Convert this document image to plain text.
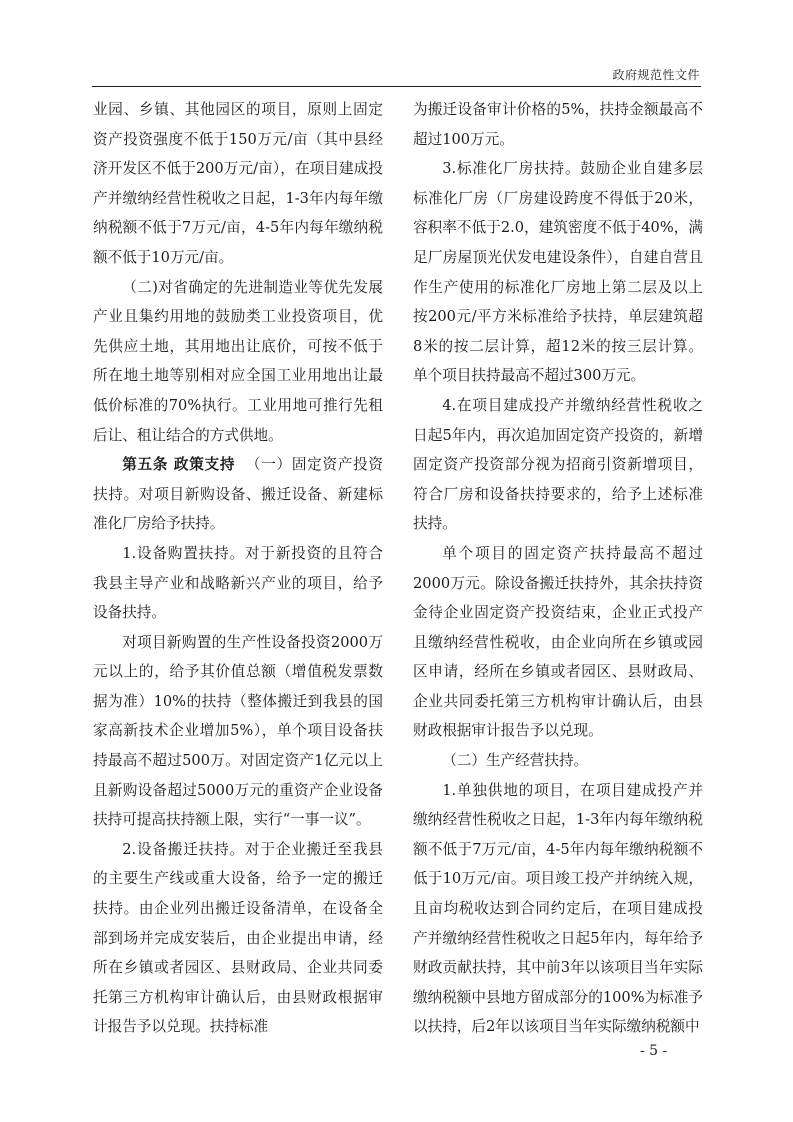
政府规范性文件

业园、乡镇、其他园区的项目，原则上固定资产投资强度不低于150万元/亩（其中县经济开发区不低于200万元/亩），在项目建成投产并缴纳经营性税收之日起，1-3年内每年缴纳税额不低于7万元/亩，4-5年内每年缴纳税额不低于10万元/亩。

（二)对省确定的先进制造业等优先发展产业且集约用地的鼓励类工业投资项目，优先供应土地，其用地出让底价，可按不低于所在地土地等别相对应全国工业用地出让最低价标准的70%执行。工业用地可推行先租后让、租让结合的方式供地。

第五条 政策支持 （一）固定资产投资扶持。对项目新购设备、搬迁设备、新建标准化厂房给予扶持。

1.设备购置扶持。对于新投资的且符合我县主导产业和战略新兴产业的项目，给予设备扶持。

对项目新购置的生产性设备投资2000万元以上的，给予其价值总额（增值税发票数据为准）10%的扶持（整体搬迁到我县的国家高新技术企业增加5%），单个项目设备扶持最高不超过500万。对固定资产1亿元以上且新购设备超过5000万元的重资产企业设备扶持可提高扶持额上限，实行“一事一议”。

2.设备搬迁扶持。对于企业搬迁至我县的主要生产线或重大设备，给予一定的搬迁扶持。由企业列出搬迁设备清单，在设备全部到场并完成安装后，由企业提出申请，经所在乡镇或者园区、县财政局、企业共同委托第三方机构审计确认后，由县财政根据审计报告予以兑现。扶持标准

为搬迁设备审计价格的5%，扶持金额最高不超过100万元。

3.标准化厂房扶持。鼓励企业自建多层标准化厂房（厂房建设跨度不得低于20米，容积率不低于2.0，建筑密度不低于40%，满足厂房屋顶光伏发电建设条件），自建自营且作生产使用的标准化厂房地上第二层及以上按200元/平方米标准给予扶持，单层建筑超8米的按二层计算，超12米的按三层计算。单个项目扶持最高不超过300万元。

4.在项目建成投产并缴纳经营性税收之日起5年内，再次追加固定资产投资的，新增固定资产投资部分视为招商引资新增项目，符合厂房和设备扶持要求的，给予上述标准扶持。

单个项目的固定资产扶持最高不超过2000万元。除设备搬迁扶持外，其余扶持资金待企业固定资产投资结束，企业正式投产且缴纳经营性税收，由企业向所在乡镇或园区申请，经所在乡镇或者园区、县财政局、企业共同委托第三方机构审计确认后，由县财政根据审计报告予以兑现。

（二）生产经营扶持。

1.单独供地的项目，在项目建成投产并缴纳经营性税收之日起，1-3年内每年缴纳税额不低于7万元/亩，4-5年内每年缴纳税额不低于10万元/亩。项目竣工投产并纳统入规，且亩均税收达到合同约定后，在项目建成投产并缴纳经营性税收之日起5年内，每年给予财政贡献扶持，其中前3年以该项目当年实际缴纳税额中县地方留成部分的100%为标准予以扶持，后2年以该项目当年实际缴纳税额中

- 5 -
